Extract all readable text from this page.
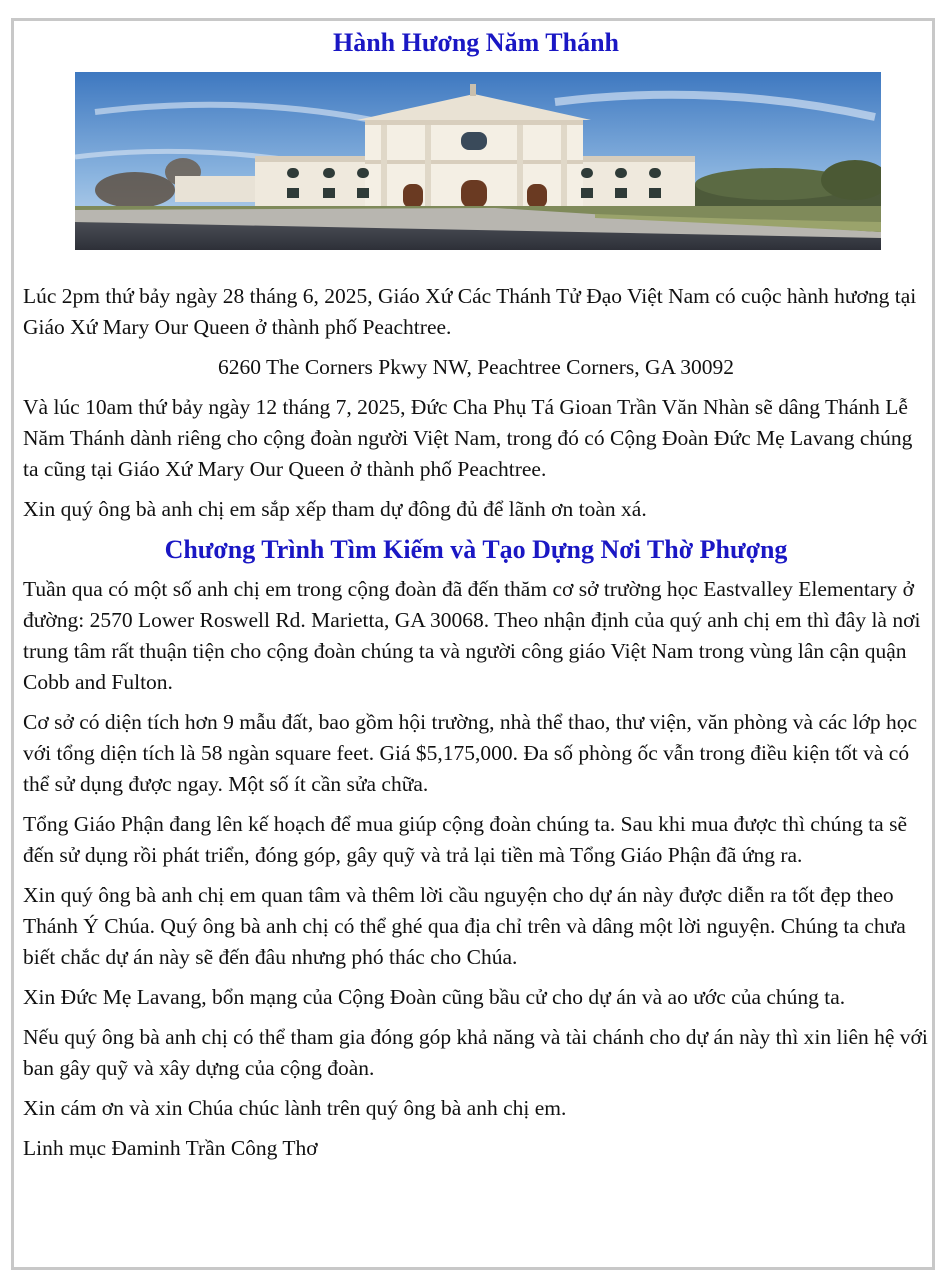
Hành Hương Năm Thánh

Lúc 2pm thứ bảy ngày 28 tháng 6, 2025, Giáo Xứ Các Thánh Tử Đạo Việt Nam có cuộc hành hương tại Giáo Xứ Mary Our Queen ở thành phố Peachtree.

6260 The Corners Pkwy NW, Peachtree Corners, GA 30092

Và lúc 10am thứ bảy ngày 12 tháng 7, 2025, Đức Cha Phụ Tá Gioan Trần Văn Nhàn sẽ dâng Thánh Lễ Năm Thánh dành riêng cho cộng đoàn người Việt Nam, trong đó có Cộng Đoàn Đức Mẹ Lavang chúng ta cũng tại Giáo Xứ Mary Our Queen ở thành phố Peachtree.

Xin quý ông bà anh chị em sắp xếp tham dự đông đủ để lãnh ơn toàn xá.

Chương Trình Tìm Kiếm và Tạo Dựng Nơi Thờ Phượng

Tuần qua có một số anh chị em trong cộng đoàn đã đến thăm cơ sở trường học Eastvalley Elementary ở đường: 2570 Lower Roswell Rd. Marietta, GA 30068. Theo nhận định của quý anh chị em thì đây là nơi trung tâm rất thuận tiện cho cộng đoàn chúng ta và người công giáo Việt Nam trong vùng lân cận quận Cobb and Fulton.

Cơ sở có diện tích hơn 9 mẫu đất, bao gồm hội trường, nhà thể thao, thư viện, văn phòng và các lớp học với tổng diện tích là 58 ngàn square feet. Giá $5,175,000. Đa số phòng ốc vẫn trong điều kiện tốt và có thể sử dụng được ngay. Một số ít cần sửa chữa.

Tổng Giáo Phận đang lên kế hoạch để mua giúp cộng đoàn chúng ta. Sau khi mua được thì chúng ta sẽ đến sử dụng rồi phát triển, đóng góp, gây quỹ và trả lại tiền mà Tổng Giáo Phận đã ứng ra.

Xin quý ông bà anh chị em quan tâm và thêm lời cầu nguyện cho dự án này được diễn ra tốt đẹp theo Thánh Ý Chúa. Quý ông bà anh chị có thể ghé qua địa chỉ trên và dâng một lời nguyện. Chúng ta chưa biết chắc dự án này sẽ đến đâu nhưng phó thác cho Chúa.

Xin Đức Mẹ Lavang, bổn mạng của Cộng Đoàn cũng bầu cử cho dự án và ao ước của chúng ta.

Nếu quý ông bà anh chị có thể tham gia đóng góp khả năng và tài chánh cho dự án này thì xin liên hệ với ban gây quỹ và xây dựng của cộng đoàn.

Xin cám ơn và xin Chúa chúc lành trên quý ông bà anh chị em.

Linh mục Đaminh Trần Công Thơ
